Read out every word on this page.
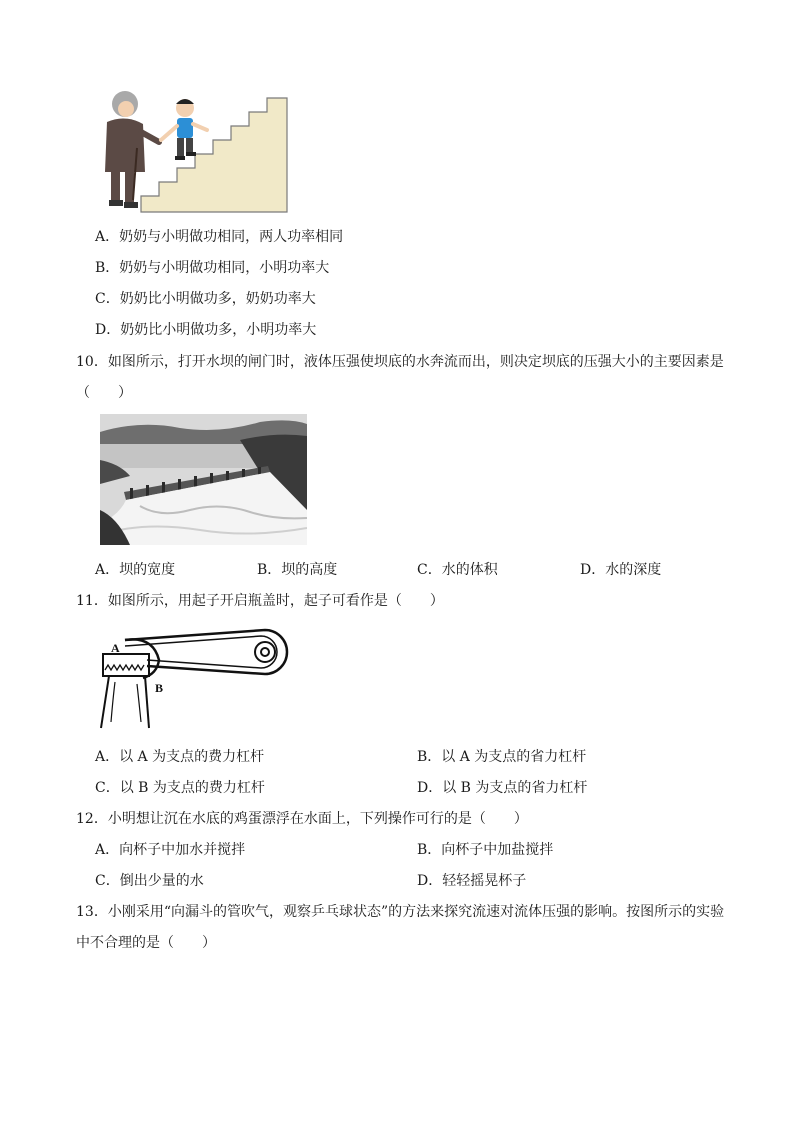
A．奶奶与小明做功相同，两人功率相同
B．奶奶与小明做功相同，小明功率大
C．奶奶比小明做功多，奶奶功率大
D．奶奶比小明做功多，小明功率大
10．如图所示，打开水坝的闸门时，液体压强使坝底的水奔流而出，则决定坝底的压强大小的主要因素是
（　　）
A．坝的宽度	B．坝的高度	C．水的体积	D．水的深度
11．如图所示，用起子开启瓶盖时，起子可看作是（　　）
A
B
A．以 A 为支点的费力杠杆	B．以 A 为支点的省力杠杆
C．以 B 为支点的费力杠杆	D．以 B 为支点的省力杠杆
12．小明想让沉在水底的鸡蛋漂浮在水面上，下列操作可行的是（　　）
A．向杯子中加水并搅拌	B．向杯子中加盐搅拌
C．倒出少量的水	D．轻轻摇晃杯子
13．小刚采用“向漏斗的管吹气，观察乒乓球状态”的方法来探究流速对流体压强的影响。按图所示的实验
中不合理的是（　　）
